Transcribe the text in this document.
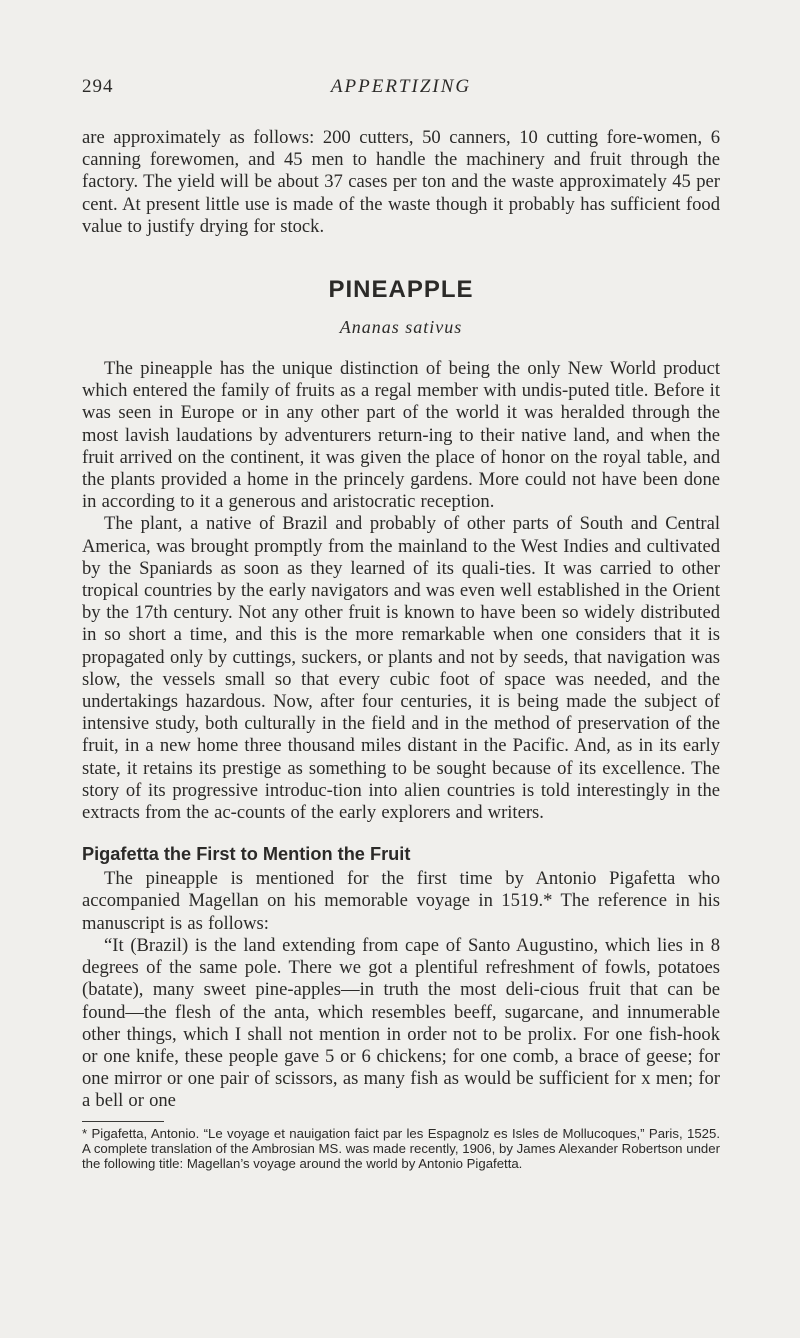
294	APPERTIZING

are approximately as follows: 200 cutters, 50 canners, 10 cutting fore-women, 6 canning forewomen, and 45 men to handle the machinery and fruit through the factory. The yield will be about 37 cases per ton and the waste approximately 45 per cent. At present little use is made of the waste though it probably has sufficient food value to justify drying for stock.

PINEAPPLE
Ananas sativus

The pineapple has the unique distinction of being the only New World product which entered the family of fruits as a regal member with undis-puted title. Before it was seen in Europe or in any other part of the world it was heralded through the most lavish laudations by adventurers return-ing to their native land, and when the fruit arrived on the continent, it was given the place of honor on the royal table, and the plants provided a home in the princely gardens. More could not have been done in according to it a generous and aristocratic reception.

The plant, a native of Brazil and probably of other parts of South and Central America, was brought promptly from the mainland to the West Indies and cultivated by the Spaniards as soon as they learned of its quali-ties. It was carried to other tropical countries by the early navigators and was even well established in the Orient by the 17th century. Not any other fruit is known to have been so widely distributed in so short a time, and this is the more remarkable when one considers that it is propagated only by cuttings, suckers, or plants and not by seeds, that navigation was slow, the vessels small so that every cubic foot of space was needed, and the undertakings hazardous. Now, after four centuries, it is being made the subject of intensive study, both culturally in the field and in the method of preservation of the fruit, in a new home three thousand miles distant in the Pacific. And, as in its early state, it retains its prestige as something to be sought because of its excellence. The story of its progressive introduc-tion into alien countries is told interestingly in the extracts from the ac-counts of the early explorers and writers.

Pigafetta the First to Mention the Fruit

The pineapple is mentioned for the first time by Antonio Pigafetta who accompanied Magellan on his memorable voyage in 1519.* The reference in his manuscript is as follows:

“It (Brazil) is the land extending from cape of Santo Augustino, which lies in 8 degrees of the same pole. There we got a plentiful refreshment of fowls, potatoes (batate), many sweet pine-apples—in truth the most deli-cious fruit that can be found—the flesh of the anta, which resembles beeff, sugarcane, and innumerable other things, which I shall not mention in order not to be prolix. For one fish-hook or one knife, these people gave 5 or 6 chickens; for one comb, a brace of geese; for one mirror or one pair of scissors, as many fish as would be sufficient for x men; for a bell or one

* Pigafetta, Antonio. “Le voyage et nauigation faict par les Espagnolz es Isles de Mollucoques,” Paris, 1525. A complete translation of the Ambrosian MS. was made recently, 1906, by James Alexander Robertson under the following title: Magellan’s voyage around the world by Antonio Pigafetta.
